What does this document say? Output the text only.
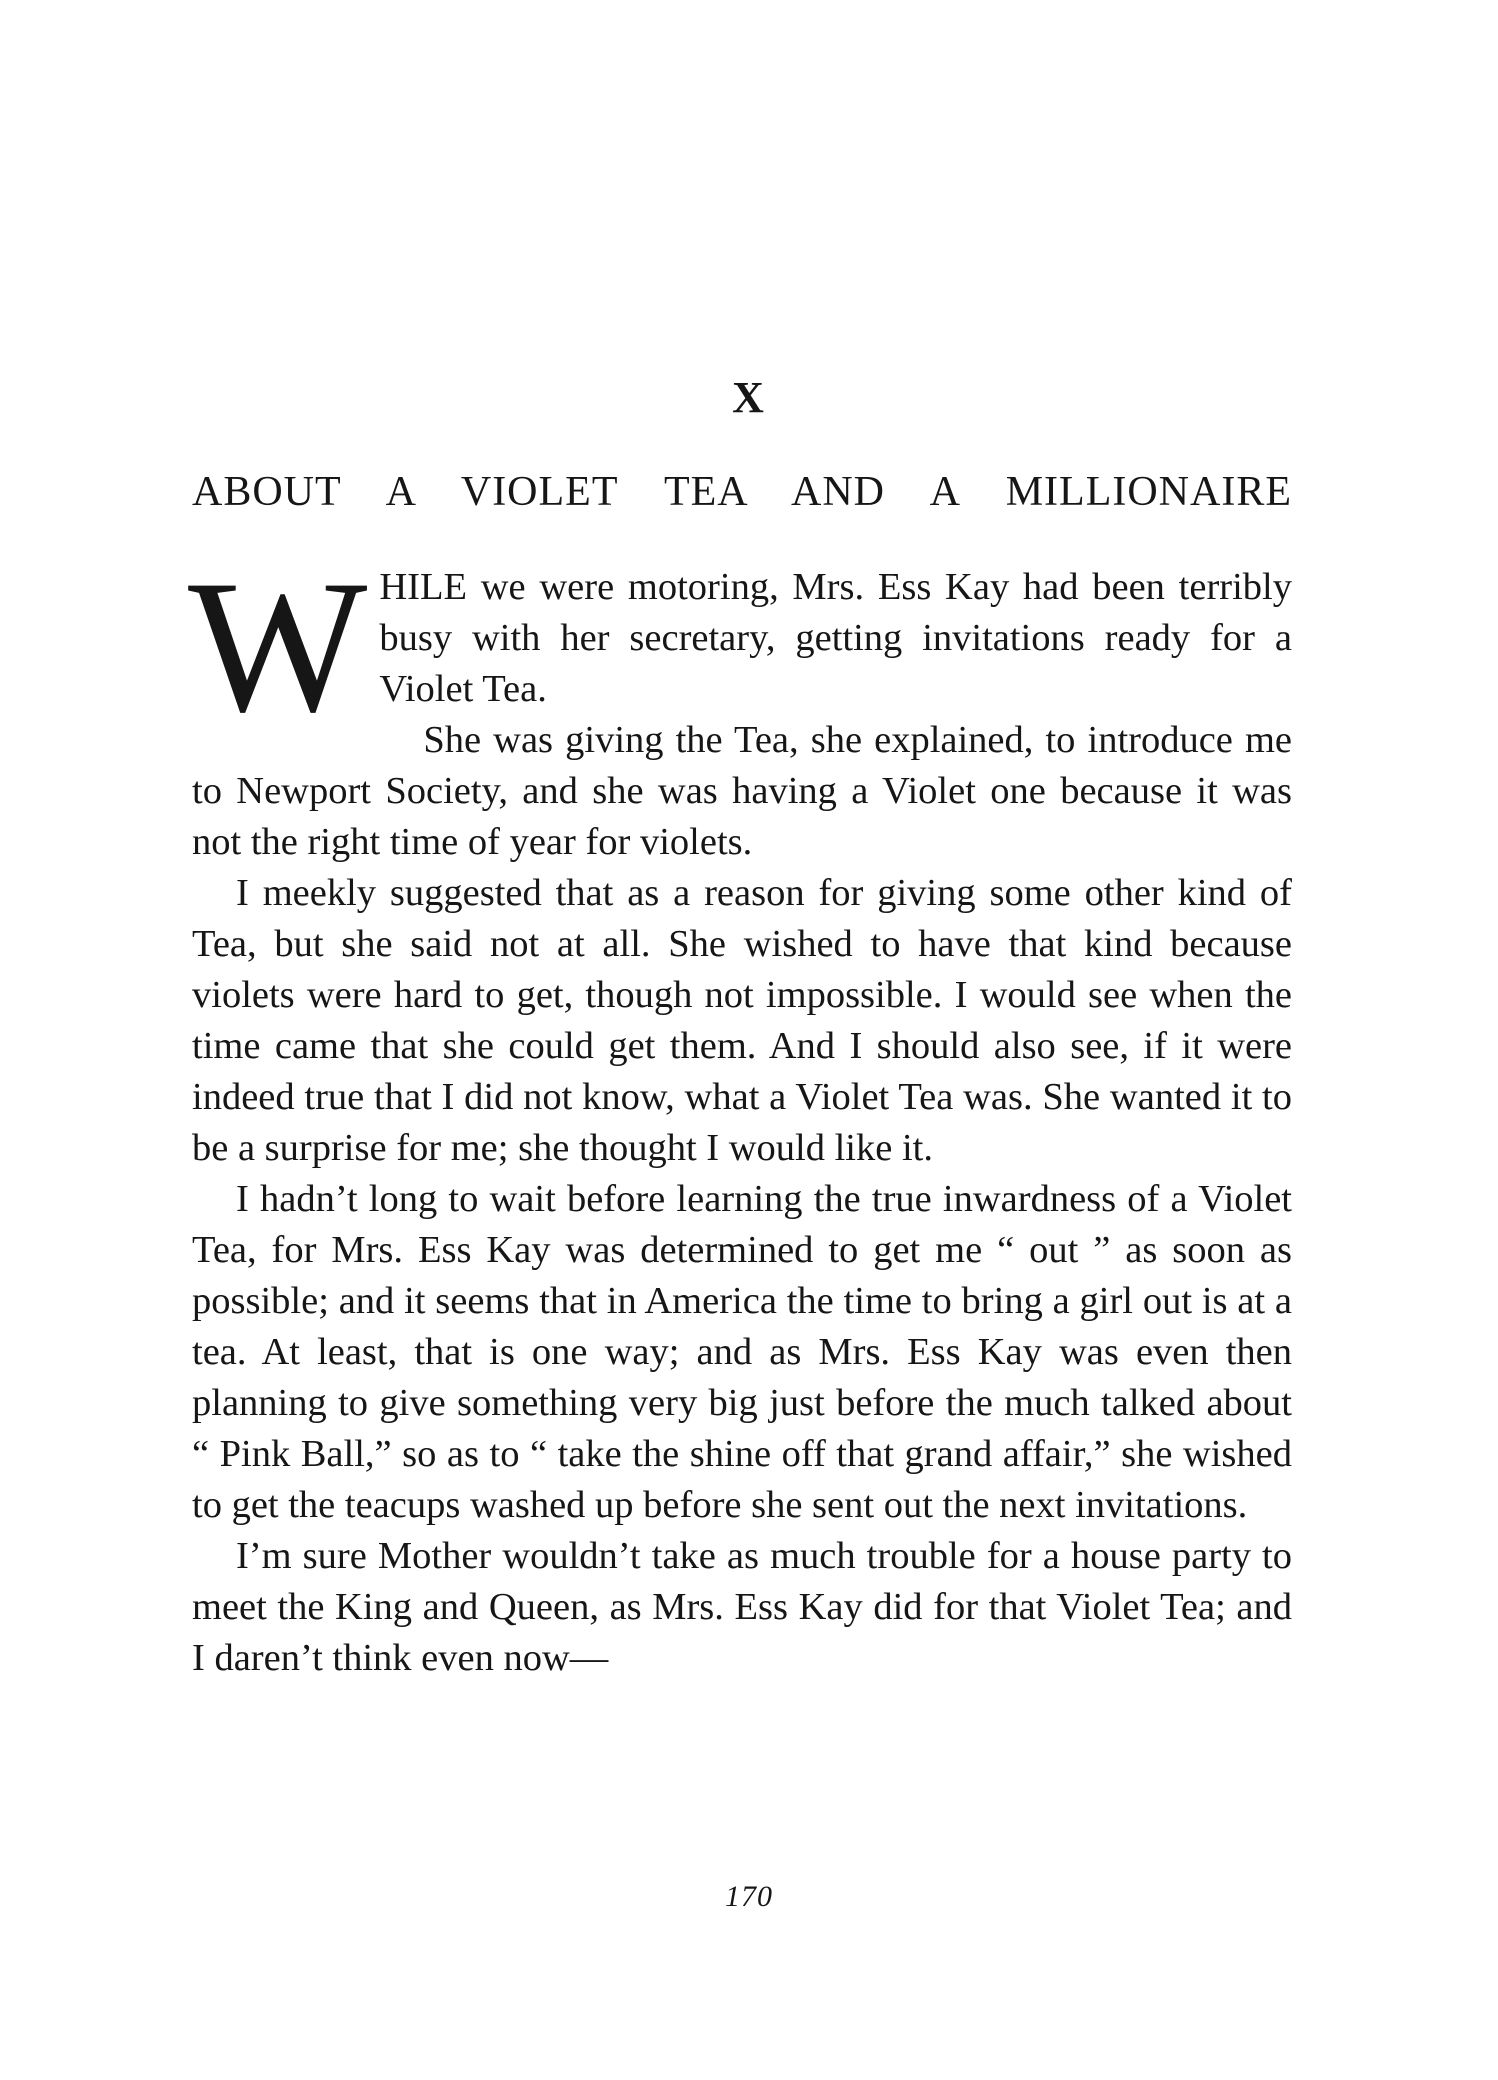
X
ABOUT A VIOLET TEA AND A MILLIONAIRE

WHILE we were motoring, Mrs. Ess Kay had been terribly busy with her secretary, getting invitations ready for a Violet Tea.

She was giving the Tea, she explained, to introduce me to Newport Society, and she was having a Violet one because it was not the right time of year for violets.

I meekly suggested that as a reason for giving some other kind of Tea, but she said not at all. She wished to have that kind because violets were hard to get, though not impossible. I would see when the time came that she could get them. And I should also see, if it were indeed true that I did not know, what a Violet Tea was. She wanted it to be a surprise for me; she thought I would like it.

I hadn’t long to wait before learning the true inwardness of a Violet Tea, for Mrs. Ess Kay was determined to get me “ out ” as soon as possible; and it seems that in America the time to bring a girl out is at a tea. At least, that is one way; and as Mrs. Ess Kay was even then planning to give something very big just before the much talked about “ Pink Ball,” so as to “ take the shine off that grand affair,” she wished to get the teacups washed up before she sent out the next invitations.

I’m sure Mother wouldn’t take as much trouble for a house party to meet the King and Queen, as Mrs. Ess Kay did for that Violet Tea; and I daren’t think even now—

170
